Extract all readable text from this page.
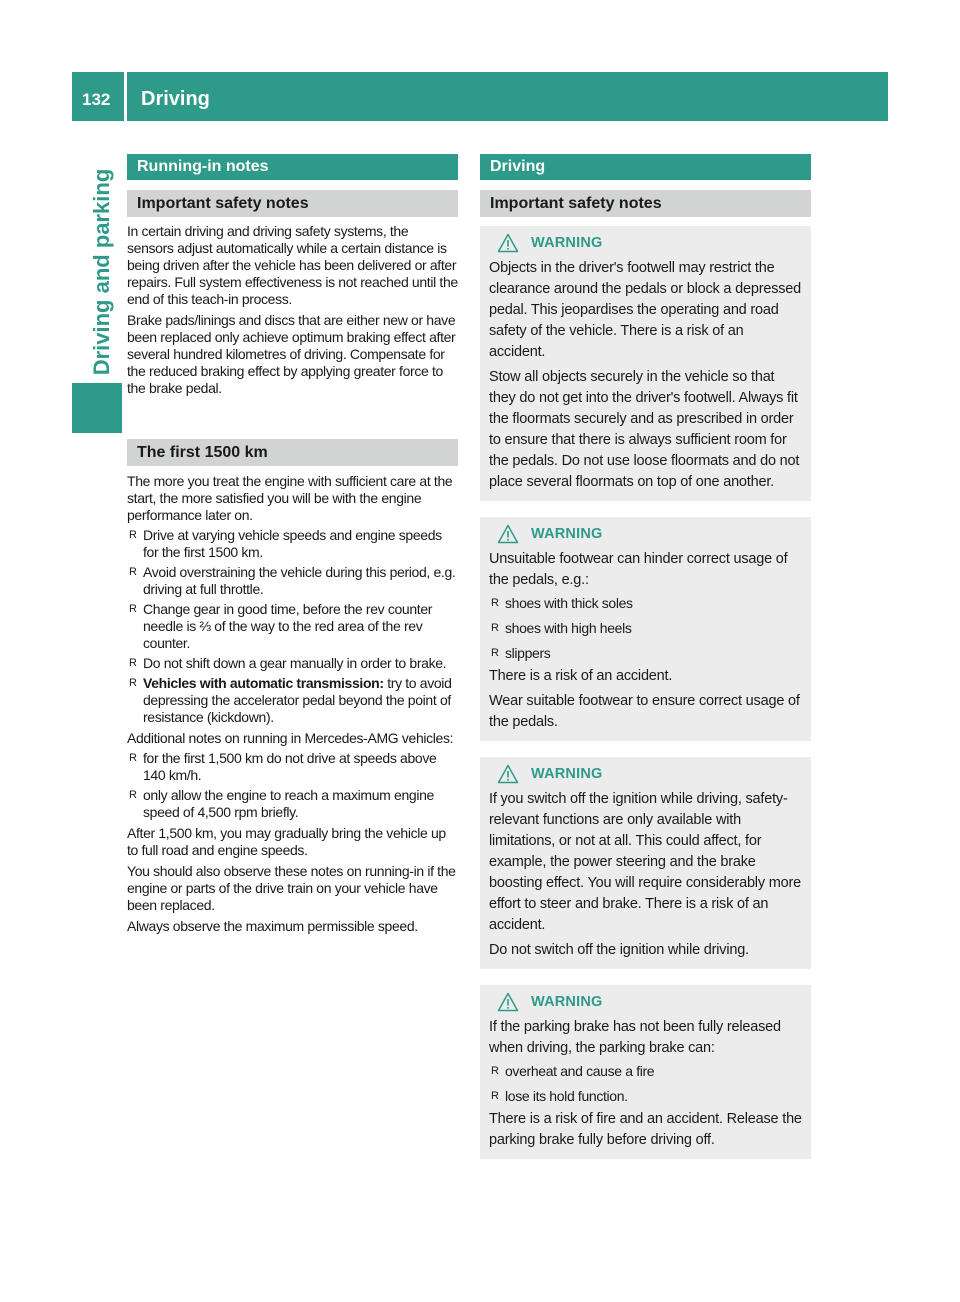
132 Driving
Driving and parking
Running-in notes
Important safety notes

In certain driving and driving safety systems, the sensors adjust automatically while a certain distance is being driven after the vehicle has been delivered or after repairs. Full system effectiveness is not reached until the end of this teach-in process.

Brake pads/linings and discs that are either new or have been replaced only achieve optimum braking effect after several hundred kilometres of driving. Compensate for the reduced braking effect by applying greater force to the brake pedal.

The first 1500 km

The more you treat the engine with sufficient care at the start, the more satisfied you will be with the engine performance later on.

R Drive at varying vehicle speeds and engine speeds for the first 1500 km.
R Avoid overstraining the vehicle during this period, e.g. driving at full throttle.
R Change gear in good time, before the rev counter needle is ⅔ of the way to the red area of the rev counter.
R Do not shift down a gear manually in order to brake.
R Vehicles with automatic transmission: try to avoid depressing the accelerator pedal beyond the point of resistance (kickdown).

Additional notes on running in Mercedes-AMG vehicles:

R for the first 1,500 km do not drive at speeds above 140 km/h.
R only allow the engine to reach a maximum engine speed of 4,500 rpm briefly.

After 1,500 km, you may gradually bring the vehicle up to full road and engine speeds.

You should also observe these notes on running-in if the engine or parts of the drive train on your vehicle have been replaced.

Always observe the maximum permissible speed.

Driving
Important safety notes
WARNING

Objects in the driver's footwell may restrict the clearance around the pedals or block a depressed pedal. This jeopardises the operating and road safety of the vehicle. There is a risk of an accident.

Stow all objects securely in the vehicle so that they do not get into the driver's footwell. Always fit the floormats securely and as prescribed in order to ensure that there is always sufficient room for the pedals. Do not use loose floormats and do not place several floormats on top of one another.

WARNING

Unsuitable footwear can hinder correct usage of the pedals, e.g.:

R shoes with thick soles
R shoes with high heels
R slippers

There is a risk of an accident.

Wear suitable footwear to ensure correct usage of the pedals.

WARNING

If you switch off the ignition while driving, safety-relevant functions are only available with limitations, or not at all. This could affect, for example, the power steering and the brake boosting effect. You will require considerably more effort to steer and brake. There is a risk of an accident.

Do not switch off the ignition while driving.

WARNING

If the parking brake has not been fully released when driving, the parking brake can:

R overheat and cause a fire
R lose its hold function.

There is a risk of fire and an accident. Release the parking brake fully before driving off.
